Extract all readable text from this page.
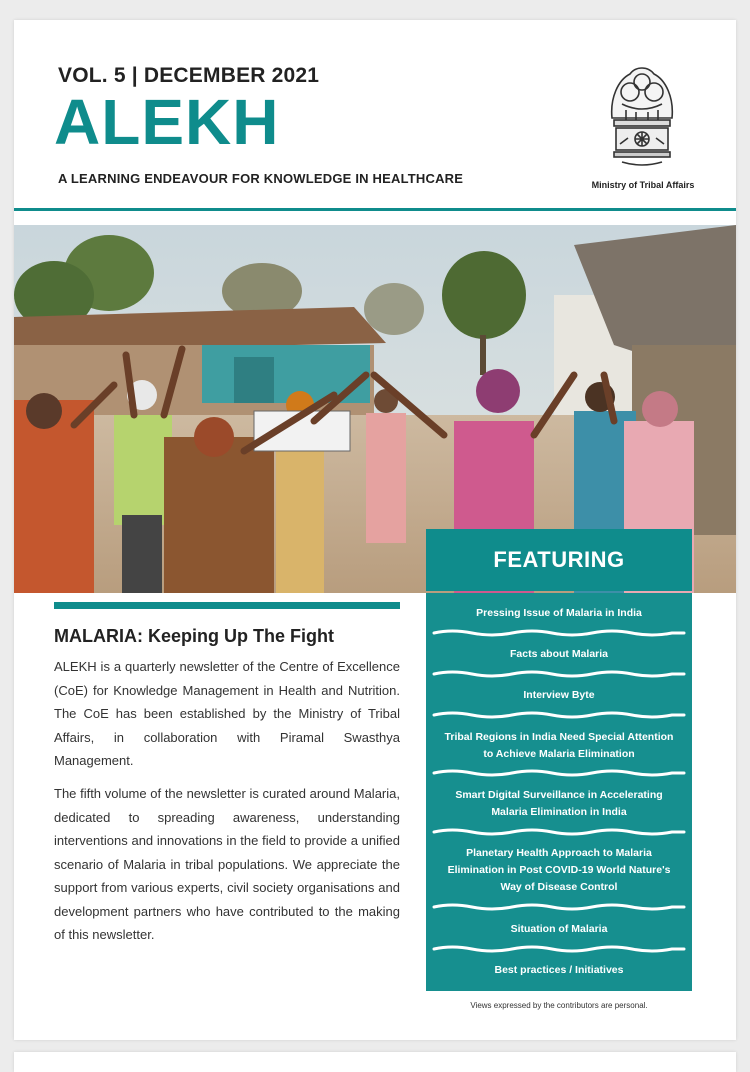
VOL. 5 | DECEMBER 2021
ALEKH
A LEARNING ENDEAVOUR FOR KNOWLEDGE IN HEALTHCARE	Ministry of Tribal Affairs
MALARIA: Keeping Up The Fight

ALEKH is a quarterly newsletter of the Centre of Excellence (CoE) for Knowledge Management in Health and Nutrition. The CoE has been established by the Ministry of Tribal Affairs, in collaboration with Piramal Swasthya Management.

The fifth volume of the newsletter is curated around Malaria, dedicated to spreading awareness, understanding interventions and innovations in the field to provide a unified scenario of Malaria in tribal populations. We appreciate the support from various experts, civil society organisations and development partners who have contributed to the making of this newsletter.

FEATURING
Pressing Issue of Malaria in India
Facts about Malaria
Interview Byte
Tribal Regions in India Need Special Attention to Achieve Malaria Elimination
Smart Digital Surveillance in Accelerating Malaria Elimination in India
Planetary Health Approach to Malaria Elimination in Post COVID-19 World Nature's Way of Disease Control
Situation of Malaria
Best practices / Initiatives
Views expressed by the contributors are personal.
